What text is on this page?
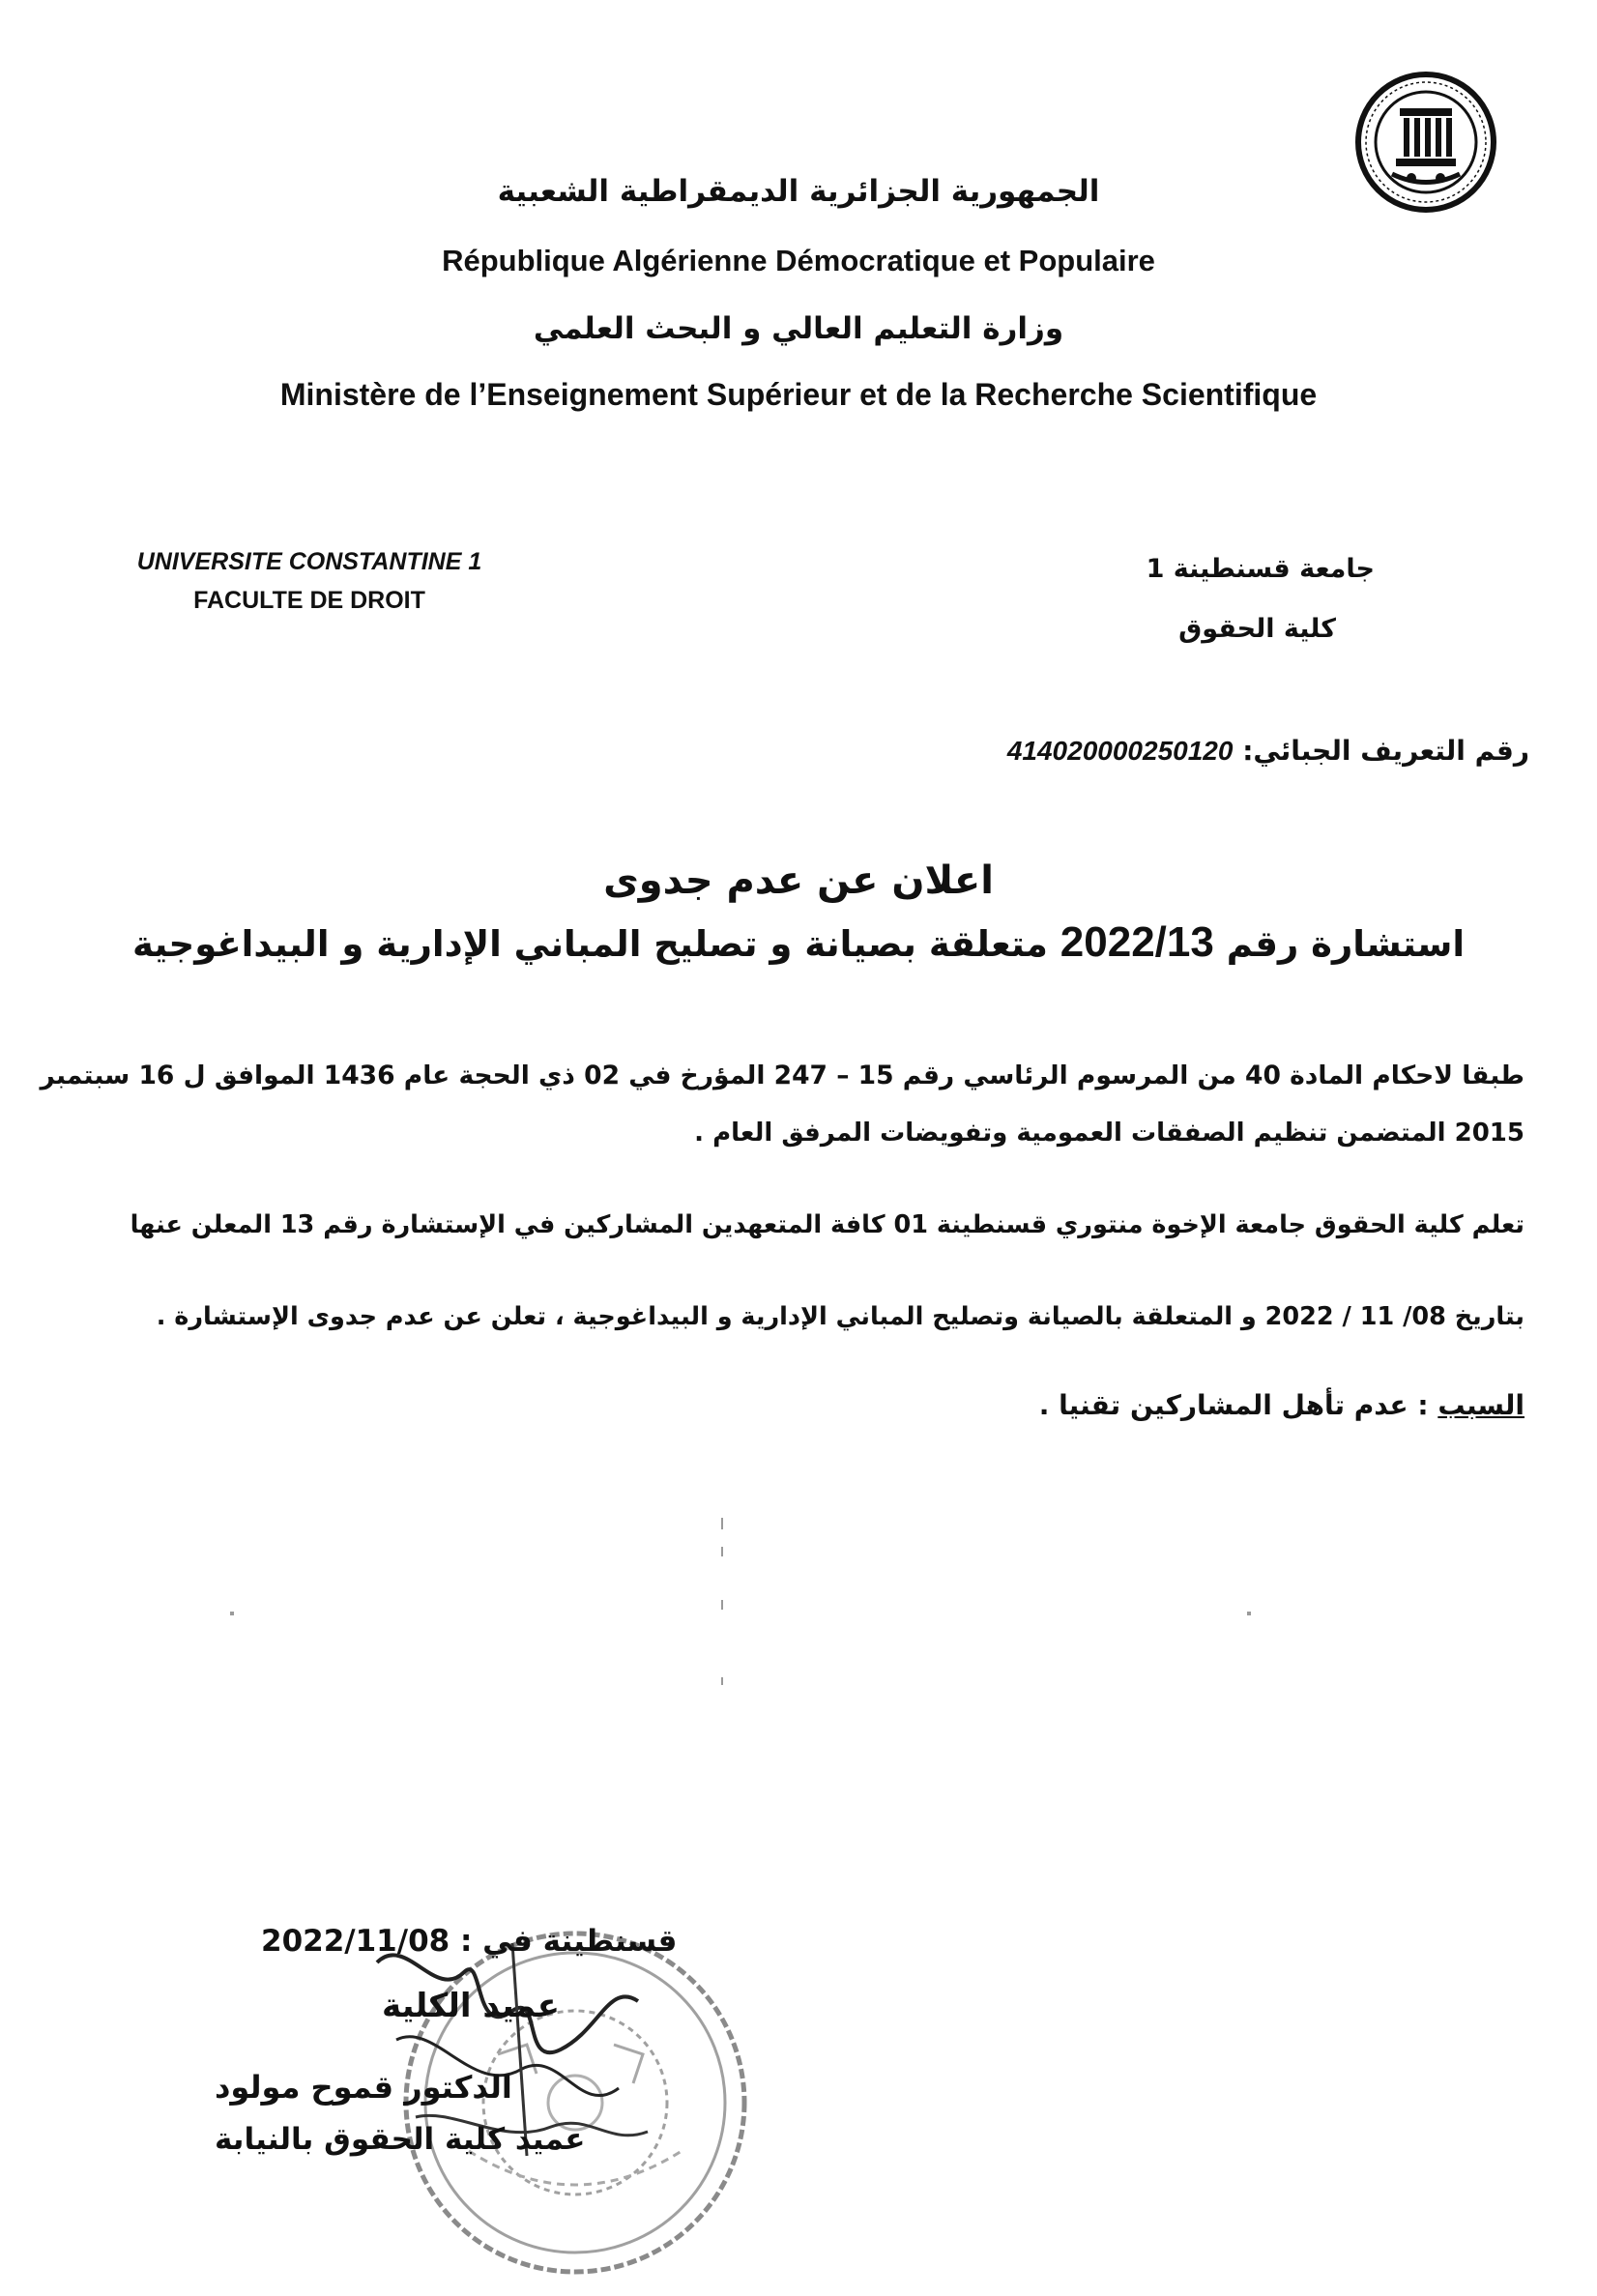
الجمهورية الجزائرية الديمقراطية الشعبية
République Algérienne Démocratique et Populaire
وزارة التعليم العالي و البحث العلمي
Ministère de l’Enseignement Supérieur et de la Recherche Scientifique
UNIVERSITE CONSTANTINE 1
FACULTE DE DROIT
جامعة قسنطينة 1
كلية الحقوق
رقم التعريف الجبائي: 414020000250120
اعلان عن عدم جدوى
استشارة رقم 2022/13 متعلقة بصيانة و تصليح المباني الإدارية و البيداغوجية
طبقا لاحكام المادة 40 من المرسوم الرئاسي رقم 15 – 247 المؤرخ في 02 ذي الحجة عام 1436 الموافق ل 16 سبتمبر
2015 المتضمن تنظيم الصفقات العمومية وتفويضات المرفق العام .
تعلم كلية الحقوق جامعة الإخوة منتوري قسنطينة 01 كافة المتعهدين المشاركين في الإستشارة رقم 13 المعلن عنها
بتاريخ 08/ 11 / 2022 و المتعلقة بالصيانة وتصليح المباني الإدارية و البيداغوجية ، تعلن عن عدم جدوى الإستشارة .
السبب : عدم تأهل المشاركين تقنيا .
قسنطينة في : 2022/11/08
عميد الكلية
الدكتور قموح مولود
عميد كلية الحقوق بالنيابة
